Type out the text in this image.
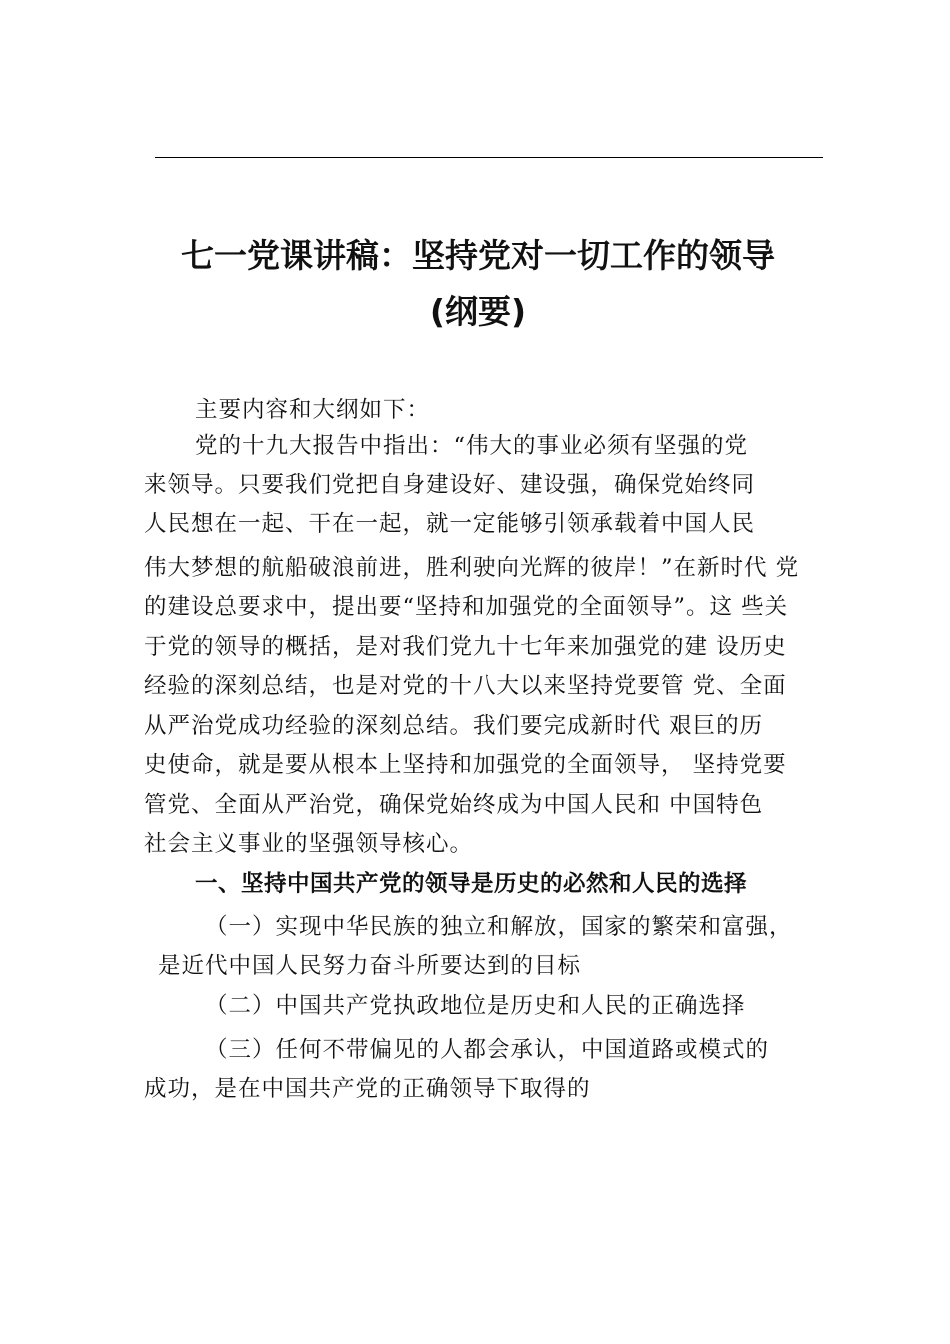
七一党课讲稿：坚持党对一切工作的领导
(纲要)
主要内容和大纲如下：
党的十九大报告中指出：“伟大的事业必须有坚强的党
来领导。只要我们党把自身建设好、建设强，确保党始终同
人民想在一起、干在一起，就一定能够引领承载着中国人民
伟大梦想的航船破浪前进，胜利驶向光辉的彼岸！”在新时代 党
的建设总要求中，提出要“坚持和加强党的全面领导”。这 些关
于党的领导的概括，是对我们党九十七年来加强党的建 设历史
经验的深刻总结，也是对党的十八大以来坚持党要管 党、全面
从严治党成功经验的深刻总结。我们要完成新时代 艰巨的历
史使命，就是要从根本上坚持和加强党的全面领导， 坚持党要
管党、全面从严治党，确保党始终成为中国人民和 中国特色
社会主义事业的坚强领导核心。
一、坚持中国共产党的领导是历史的必然和人民的选择
（一）实现中华民族的独立和解放，国家的繁荣和富强，
是近代中国人民努力奋斗所要达到的目标
（二）中国共产党执政地位是历史和人民的正确选择
（三）任何不带偏见的人都会承认，中国道路或模式的
成功，是在中国共产党的正确领导下取得的
